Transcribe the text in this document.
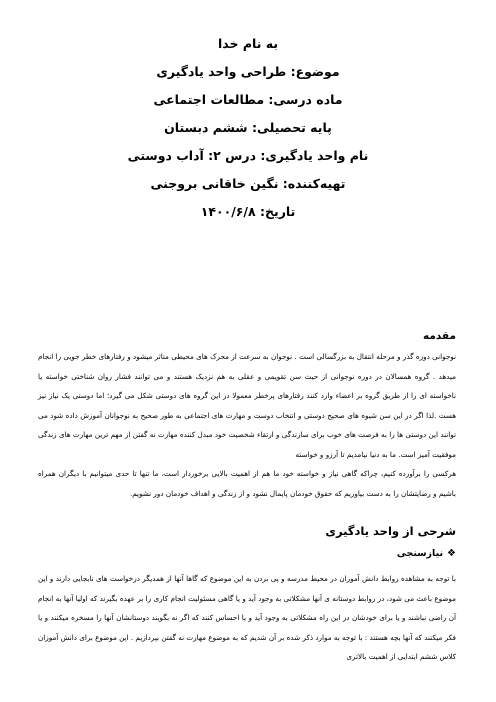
به نام خدا
موضوع: طراحی واحد یادگیری
ماده درسی: مطالعات اجتماعی
پایه تحصیلی: ششم دبستان
نام واحد یادگیری: درس ۲: آداب دوستی
تهیه‌کننده: نگین خاقانی بروجنی
تاریخ: ۱۴۰۰/۶/۸
مقدمه

نوجوانی دوره گذر و مرحله انتقال به بزرگسالی است . نوجوان به سرعت از محرک های محیطی متاثر میشود و رفتارهای خطر جویی را انجام میدهد . گروه همسالان در دوره نوجوانی از حیث سن تقویمی و عقلی به هم نزدیک هستند و می توانند فشار روان شناختی خواسته یا ناخواسته ای را از طریق گروه بر اعضاء وارد کنند رفتارهای پرخطر معمولا در این گروه های دوستی شکل می گیرد؛ اما دوستی یک نیاز نیز هست .لذا اگر در این سن شیوه های صحیح دوستی و انتخاب دوست و مهارت های اجتماعی به طور صحیح به نوجوانان آموزش داده شود می توانند این دوستی ها را به فرصت های خوب برای سازندگی و ارتقاء شخصیت خود مبدل کننده مهارت نه گفتن از مهم ترین مهارت های زندگی موفقیت آمیز است. ما به دنیا نیامدیم تا آرزو و خواسته

هرکسی را برآورده کنیم، چراکه گاهی نیاز و خواسته خود ما هم از اهمیت بالایی برخوردار است، ما تنها تا حدی میتوانیم با دیگران همراه باشیم و رضایتشان را به دست بیاوریم که حقوق خودمان پایمال نشود و از زندگی و اهداف خودمان دور نشویم.

شرحی از واحد یادگیری
❖
نیازسنجی

با توجه به مشاهده روابط دانش آموزان در محیط مدرسه و پی بردن به این موضوع که گاها آنها از همدیگر درخواست های نابجایی دارند و این موضوع باعث می شود، در روابط دوستانه ی آنها مشکلاتی به وجود آید و یا گاهی مسئولیت انجام کاری را بر عهده بگیرند که اولیا آنها به انجام آن راضی نباشند و یا برای خودشان در این راه مشکلاتی به وجود آید و یا احساس کنند که اگر نه بگویند دوستانشان آنها را مسخره میکنند و یا فکر میکنند که آنها بچه هستند : با توجه به موارد ذکر شده بر آن شدیم که به موضوع مهارت نه گفتن بپردازیم . این موضوع برای دانش آموزان کلاس ششم ابتدایی از اهمیت بالاتری
